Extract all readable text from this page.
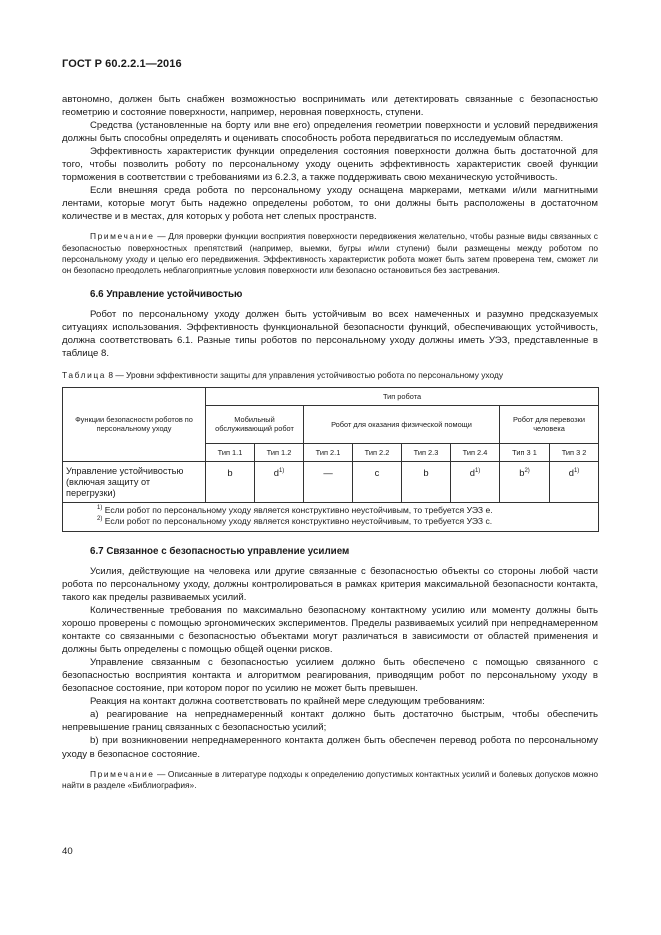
ГОСТ Р 60.2.2.1—2016

автономно, должен быть снабжен возможностью воспринимать или детектировать связанные с безопасностью геометрию и состояние поверхности, например, неровная поверхность, ступени.

Средства (установленные на борту или вне его) определения геометрии поверхности и условий передвижения должны быть способны определять и оценивать способность робота передвигаться по исследуемым областям.

Эффективность характеристик функции определения состояния поверхности должна быть достаточной для того, чтобы позволить роботу по персональному уходу оценить эффективность характеристик своей функции торможения в соответствии с требованиями из 6.2.3, а также поддерживать свою механическую устойчивость.

Если внешняя среда робота по персональному уходу оснащена маркерами, метками и/или магнитными лентами, которые могут быть надежно определены роботом, то они должны быть расположены в достаточном количестве и в местах, для которых у робота нет слепых пространств.

Примечание — Для проверки функции восприятия поверхности передвижения желательно, чтобы разные виды связанных с безопасностью поверхностных препятствий (например, выемки, бугры и/или ступени) были размещены между роботом по персональному уходу и целью его передвижения. Эффективность характеристик робота может быть затем проверена тем, сможет ли он безопасно преодолеть неблагоприятные условия поверхности или безопасно остановиться без застревания.
6.6 Управление устойчивостью

Робот по персональному уходу должен быть устойчивым во всех намеченных и разумно предсказуемых ситуациях использования. Эффективность функциональной безопасности функций, обеспечивающих устойчивость, должна соответствовать 6.1. Разные типы роботов по персональному уходу должны иметь УЭЗ, представленные в таблице 8.

Таблица 8 — Уровни эффективности защиты для управления устойчивостью робота по персональному уходу
Функции безопасности роботов по персональному уходу	Тип робота							
	Мобильный обслуживающий робот		Робот для оказания физической помощи				Робот для перевозки человека	
	Тип 1.1	Тип 1.2	Тип 2.1	Тип 2.2	Тип 2.3	Тип 2.4	Тип 3 1	Тип 3 2
Управление устойчивостью (включая защиту от перегрузки)	b	$d^{1)}$	—	c	b	$d^{1)}$	$b^{2)}$	$d^{1)}$

$^{1)}$ Если робот по персональному уходу является конструктивно неустойчивым, то требуется УЭЗ e.
$^{2)}$ Если робот по персональному уходу является конструктивно неустойчивым, то требуется УЭЗ c.								
6.7 Связанное с безопасностью управление усилием

Усилия, действующие на человека или другие связанные с безопасностью объекты со стороны любой части робота по персональному уходу, должны контролироваться в рамках критерия максимальной безопасности контакта, такого как пределы развиваемых усилий.

Количественные требования по максимально безопасному контактному усилию или моменту должны быть хорошо проверены с помощью эргономических экспериментов. Пределы развиваемых усилий при непреднамеренном контакте со связанными с безопасностью объектами могут различаться в зависимости от областей применения и должны быть определены с помощью общей оценки рисков.

Управление связанным с безопасностью усилием должно быть обеспечено с помощью связанного с безопасностью восприятия контакта и алгоритмом реагирования, приводящим робот по персональному уходу в безопасное состояние, при котором порог по усилию не может быть превышен.

Реакция на контакт должна соответствовать по крайней мере следующим требованиям:

a) реагирование на непреднамеренный контакт должно быть достаточно быстрым, чтобы обеспечить непревышение границ связанных с безопасностью усилий;

b) при возникновении непреднамеренного контакта должен быть обеспечен перевод робота по персональному уходу в безопасное состояние.

Примечание — Описанные в литературе подходы к определению допустимых контактных усилий и болевых допусков можно найти в разделе «Библиография».
40
